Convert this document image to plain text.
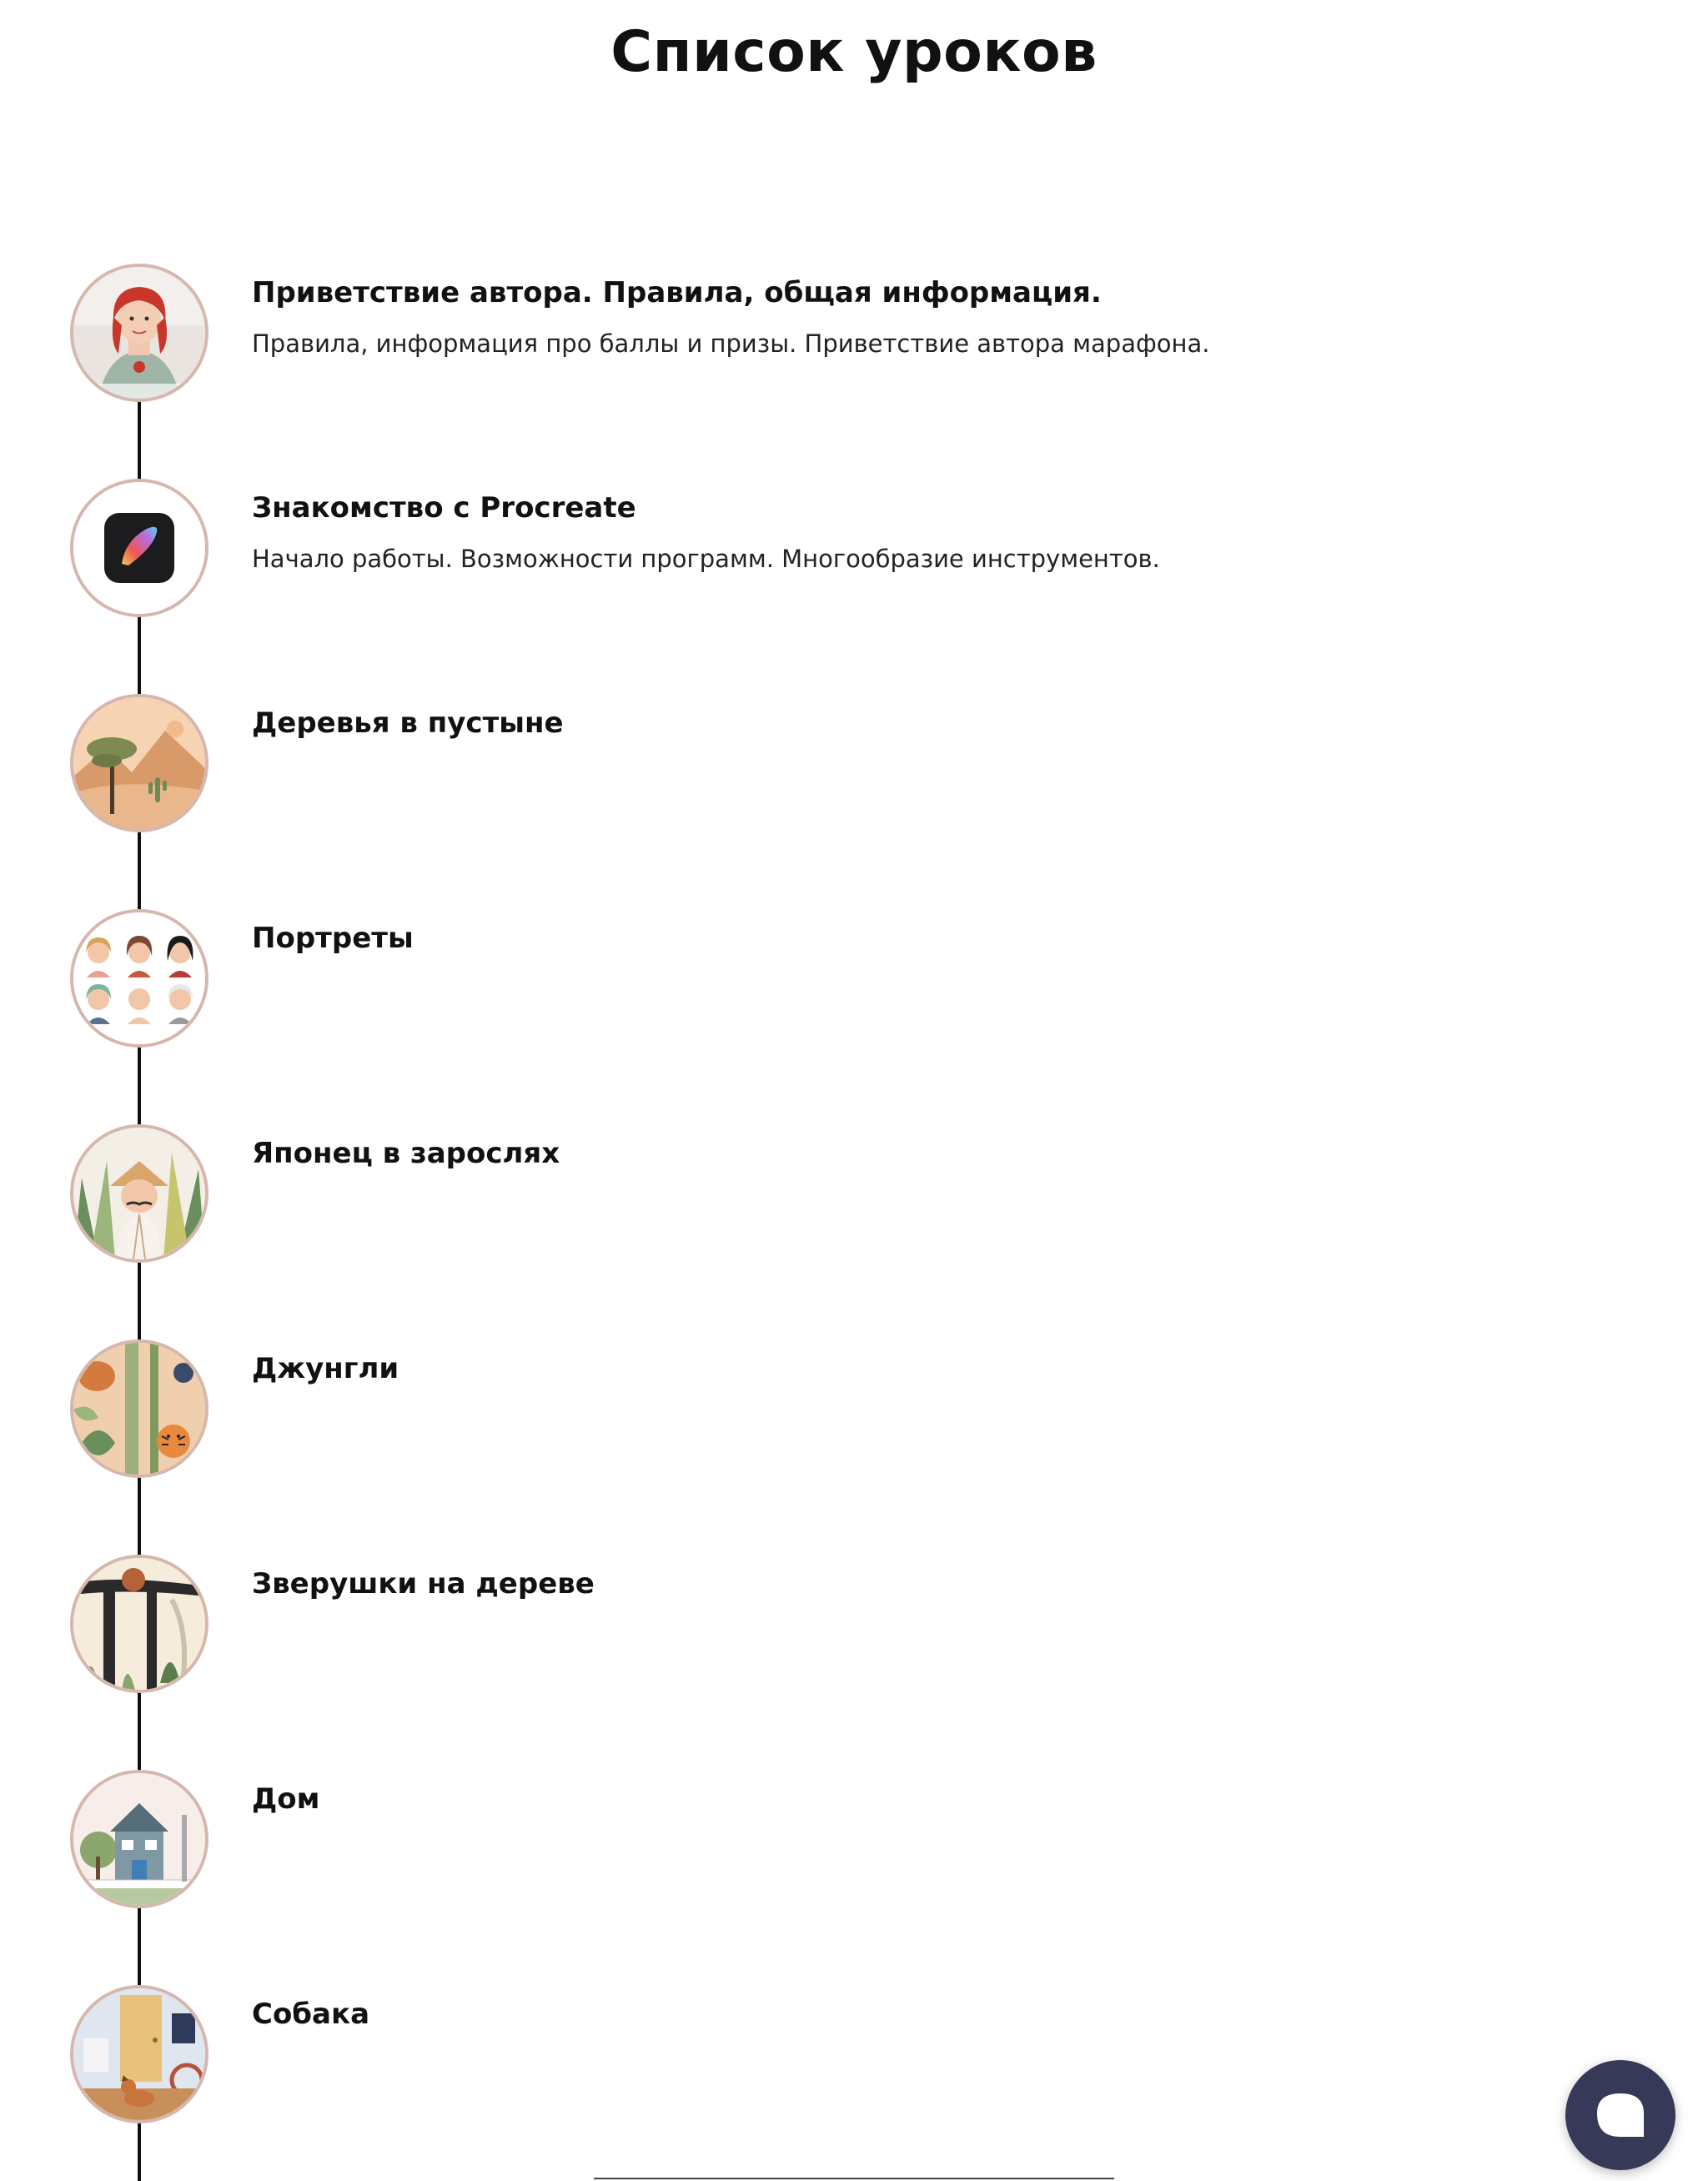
Список уроков
Приветствие автора. Правила, общая информация.
Правила, информация про баллы и призы. Приветствие автора марафона.
Знакомство с Procreate
Начало работы. Возможности программ. Многообразие инструментов.
Деревья в пустыне
Портреты
Японец в зарослях
Джунгли
Зверушки на дереве
Дом
Собака
